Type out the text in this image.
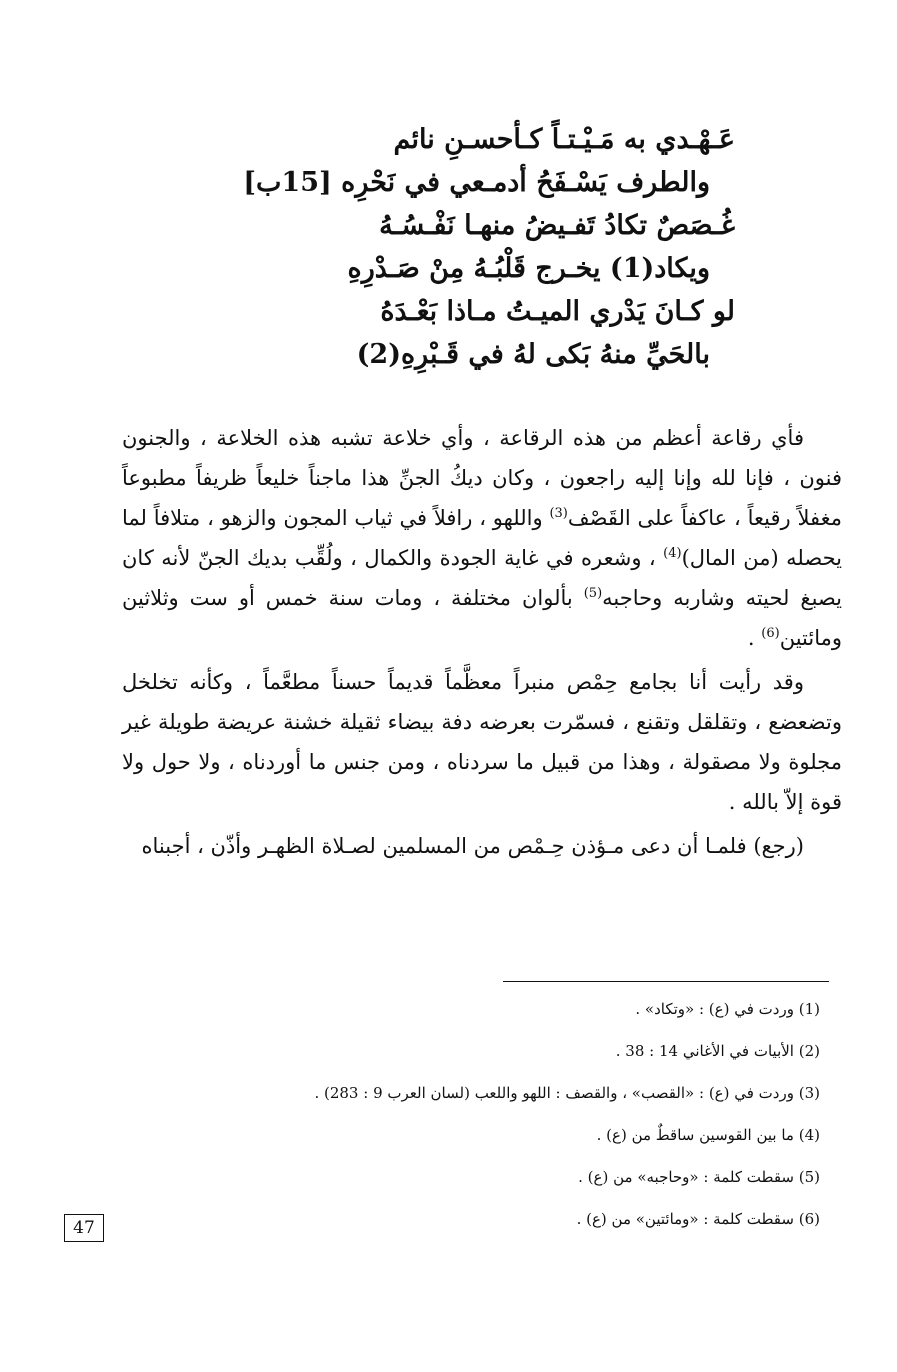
عَـهْـدي به مَـيْـتـاً كـأحسـنِ نائم
والطرف يَسْـفَحُ أدمـعي في نَحْرِه [15ب]
غُـصَصٌ تكادُ تَفـيضُ منهـا نَفْـسُـهُ
ويكاد(1) يخـرج قَلْبُـهُ مِنْ صَـدْرِهِ
لو كـانَ يَدْري الميـتُ مـاذا بَعْـدَهُ
بالحَيِّ منهُ بَكى لهُ في قَـبْرِهِ(2)

فأي رقاعة أعظم من هذه الرقاعة ، وأي خلاعة تشبه هذه الخلاعة ، والجنون فنون ، فإنا لله وإنا إليه راجعون ، وكان ديكُ الجنِّ هذا ماجناً خليعاً ظريفاً مطبوعاً مغفلاً رقيعاً ، عاكفاً على القَصْف$^{(3)}$ واللهو ، رافلاً في ثياب المجون والزهو ، متلافاً لما يحصله (من المال)$^{(4)}$ ، وشعره في غاية الجودة والكمال ، ولُقِّب بديك الجنّ لأنه كان يصبغ لحيته وشاربه وحاجبه$^{(5)}$ بألوان مختلفة ، ومات سنة خمس أو ست وثلاثين ومائتين$^{(6)}$ .

وقد رأيت أنا بجامع حِمْص منبراً معظَّماً قديماً حسناً مطعَّماً ، وكأنه تخلخل وتضعضع ، وتقلقل وتقنع ، فسمّرت بعرضه دفة بيضاء ثقيلة خشنة عريضة طويلة غير مجلوة ولا مصقولة ، وهذا من قبيل ما سردناه ، ومن جنس ما أوردناه ، ولا حول ولا قوة إلاّ بالله .

(رجع) فلمـا أن دعى مـؤذن حِـمْص من المسلمين لصـلاة الظهـر وأذّن ، أجبناه

(1) وردت في (ع) : «وتكاد» .
(2) الأبيات في الأغاني 14 : 38 .
(3) وردت في (ع) : «القصب» ، والقصف : اللهو واللعب (لسان العرب 9 : 283) .
(4) ما بين القوسين ساقطٌ من (ع) .
(5) سقطت كلمة : «وحاجبه» من (ع) .
(6) سقطت كلمة : «ومائتين» من (ع) .
47
